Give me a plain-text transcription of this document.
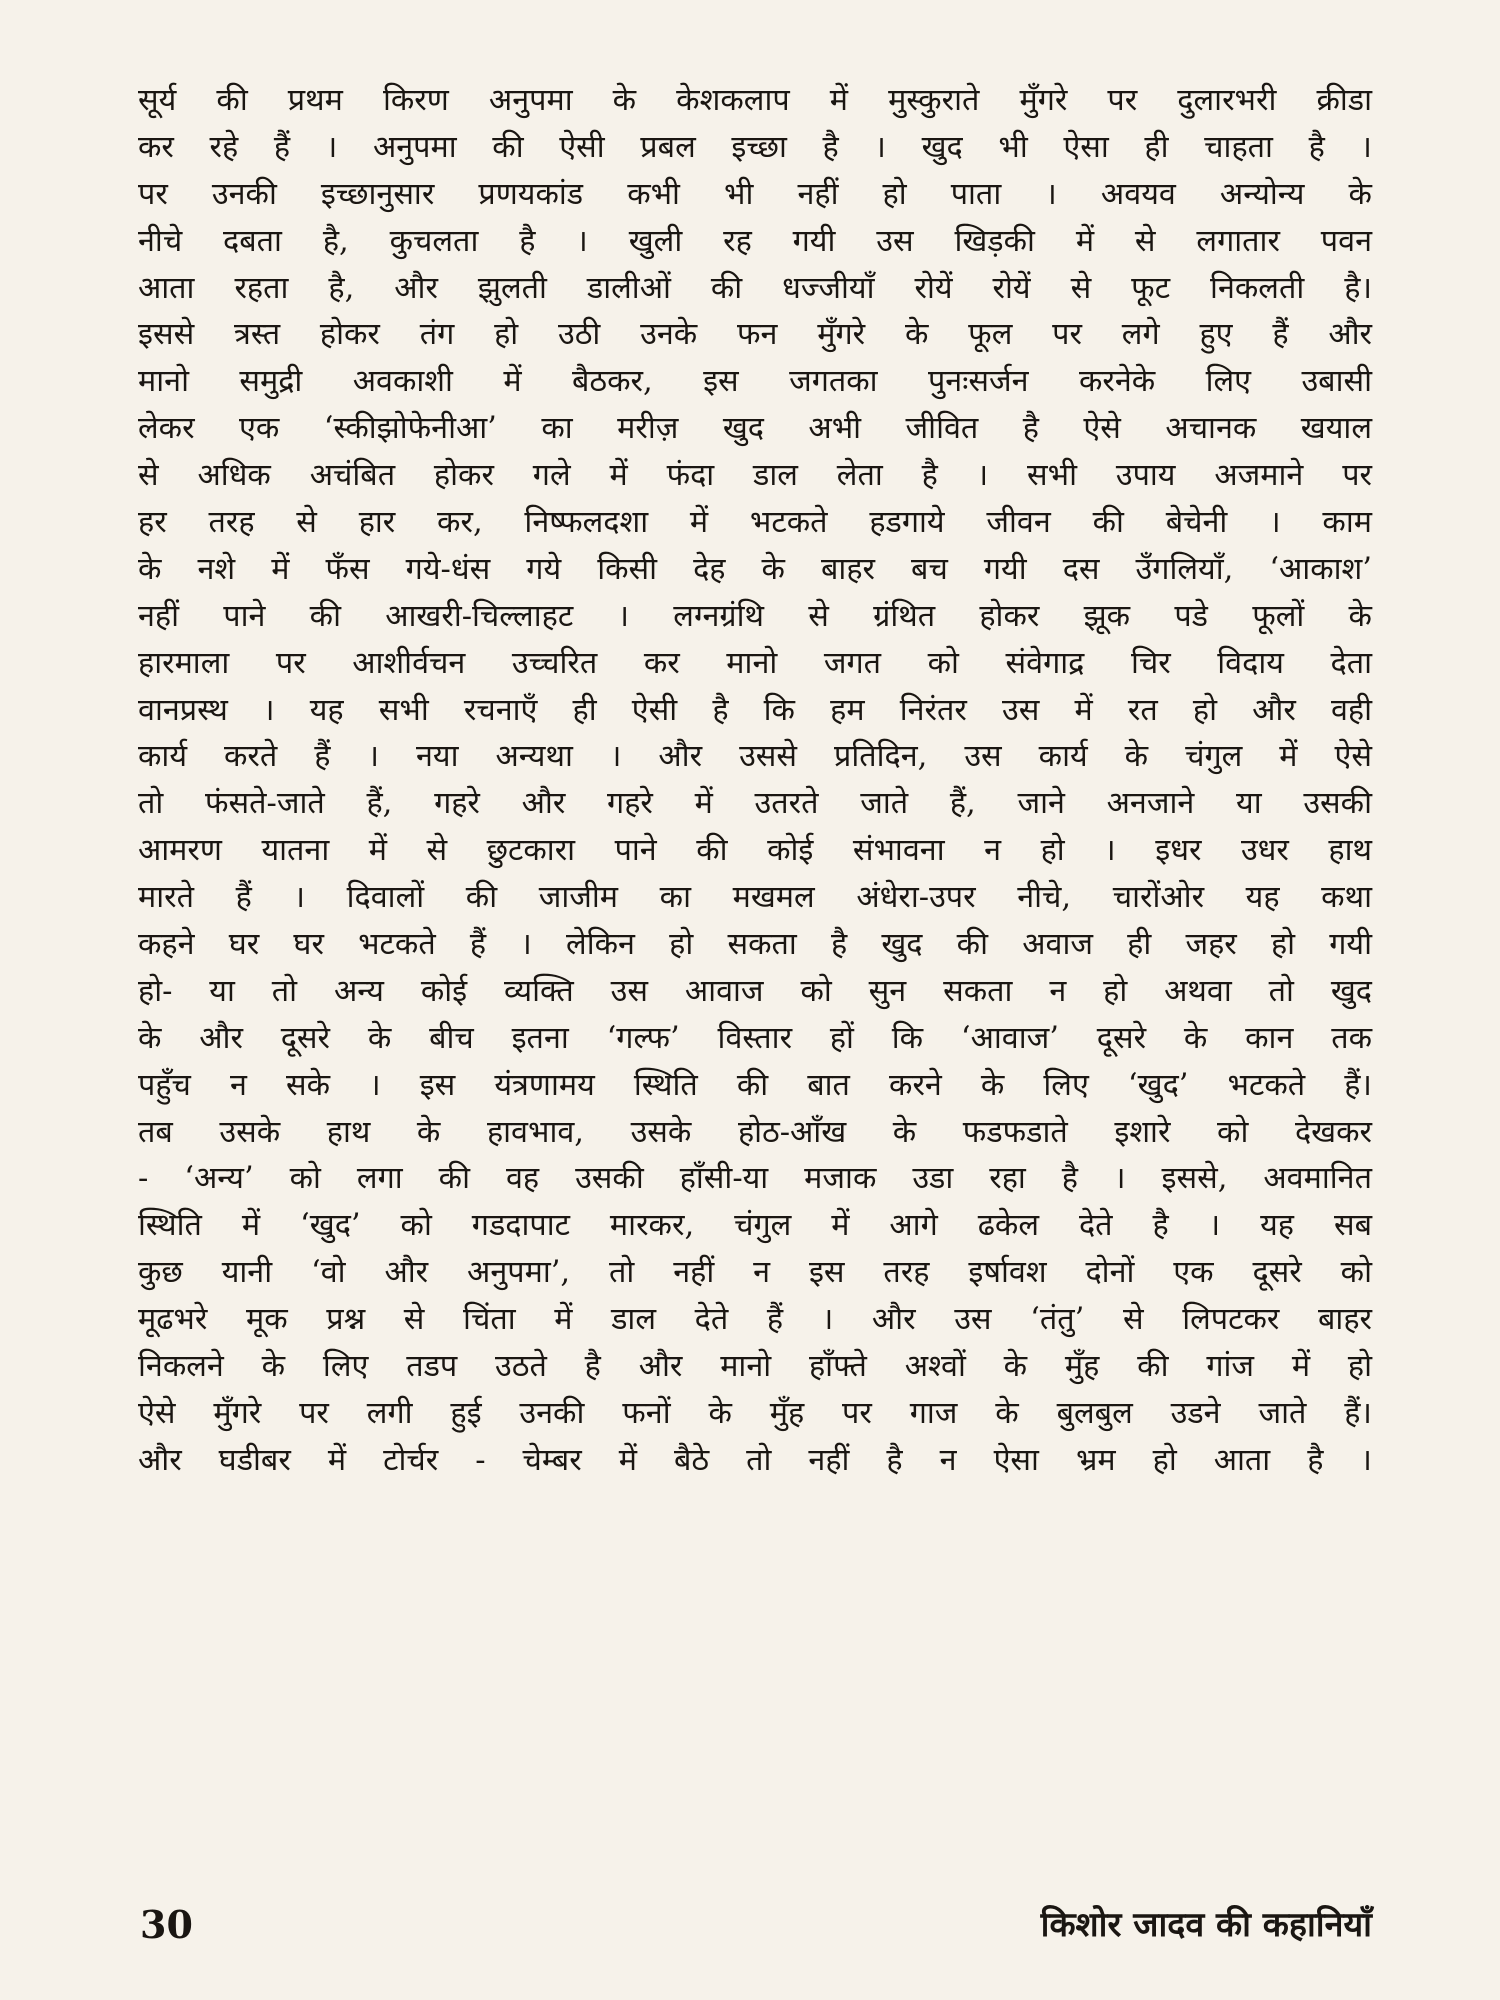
सूर्य की प्रथम किरण अनुपमा के केशकलाप में मुस्कुराते मुँगरे पर दुलारभरी क्रीडा
कर रहे हैं । अनुपमा की ऐसी प्रबल इच्छा है । खुद भी ऐसा ही चाहता है ।
पर उनकी इच्छानुसार प्रणयकांड कभी भी नहीं हो पाता । अवयव अन्योन्य के
नीचे दबता है, कुचलता है । खुली रह गयी उस खिड़की में से लगातार पवन
आता रहता है, और झुलती डालीओं की धज्जीयाँ रोयें रोयें से फूट निकलती है।
इससे त्रस्त होकर तंग हो उठी उनके फन मुँगरे के फूल पर लगे हुए हैं और
मानो समुद्री अवकाशी में बैठकर, इस जगतका पुनःसर्जन करनेके लिए उबासी
लेकर एक ‘स्कीझोफेनीआ’ का मरीज़ खुद अभी जीवित है ऐसे अचानक खयाल
से अधिक अचंबित होकर गले में फंदा डाल लेता है । सभी उपाय अजमाने पर
हर तरह से हार कर, निष्फलदशा में भटकते हडगाये जीवन की बेचेनी । काम
के नशे में फँस गये-धंस गये किसी देह के बाहर बच गयी दस उँगलियाँ, ‘आकाश’
नहीं पाने की आखरी-चिल्लाहट । लग्नग्रंथि से ग्रंथित होकर झूक पडे फूलों के
हारमाला पर आशीर्वचन उच्चरित कर मानो जगत को संवेगाद्र चिर विदाय देता
वानप्रस्थ । यह सभी रचनाएँ ही ऐसी है कि हम निरंतर उस में रत हो और वही
कार्य करते हैं । नया अन्यथा । और उससे प्रतिदिन, उस कार्य के चंगुल में ऐसे
तो फंसते-जाते हैं, गहरे और गहरे में उतरते जाते हैं, जाने अनजाने या उसकी
आमरण यातना में से छुटकारा पाने की कोई संभावना न हो । इधर उधर हाथ
मारते हैं । दिवालों की जाजीम का मखमल अंधेरा-उपर नीचे, चारोंओर यह कथा
कहने घर घर भटकते हैं । लेकिन हो सकता है खुद की अवाज ही जहर हो गयी
हो- या तो अन्य कोई व्यक्ति उस आवाज को सुन सकता न हो अथवा तो खुद
के और दूसरे के बीच इतना ‘गल्फ’ विस्तार हों कि ‘आवाज’ दूसरे के कान तक
पहुँच न सके । इस यंत्रणामय स्थिति की बात करने के लिए ‘खुद’ भटकते हैं।
तब उसके हाथ के हावभाव, उसके होठ-आँख के फडफडाते इशारे को देखकर
- ‘अन्य’ को लगा की वह उसकी हाँसी-या मजाक उडा रहा है । इससे, अवमानित
स्थिति में ‘खुद’ को गडदापाट मारकर, चंगुल में आगे ढकेल देते है । यह सब
कुछ यानी ‘वो और अनुपमा’, तो नहीं न इस तरह इर्षावश दोनों एक दूसरे को
मूढभरे मूक प्रश्न से चिंता में डाल देते हैं । और उस ‘तंतु’ से लिपटकर बाहर
निकलने के लिए तडप उठते है और मानो हाँफ्ते अश्वों के मुँह की गांज में हो
ऐसे मुँगरे पर लगी हुई उनकी फनों के मुँह पर गाज के बुलबुल उडने जाते हैं।
और घडीबर में टोर्चर - चेम्बर में बैठे तो नहीं है न ऐसा भ्रम हो आता है ।
30	किशोर जादव की कहानियाँ
